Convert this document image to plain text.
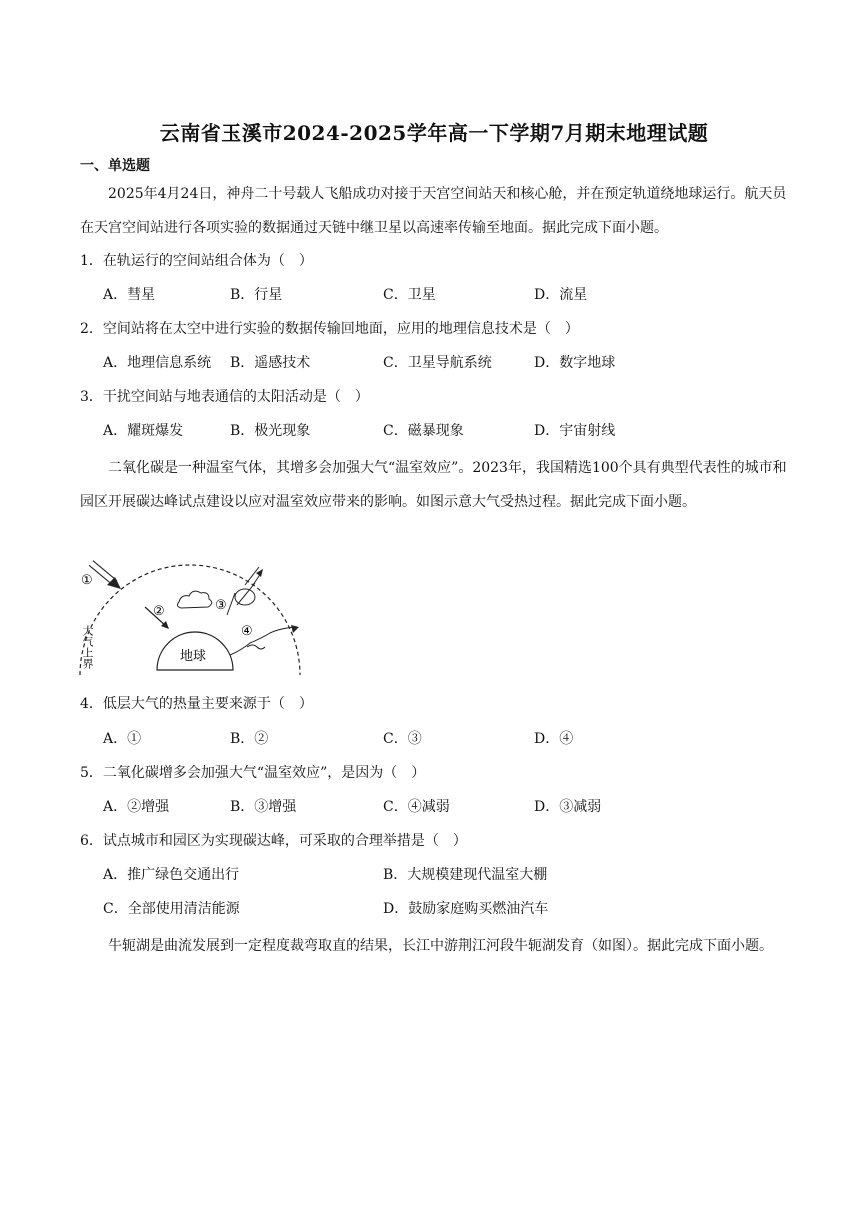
云南省玉溪市2024-2025学年高一下学期7月期末地理试题
一、单选题
2025年4月24日，神舟二十号载人飞船成功对接于天宫空间站天和核心舱，并在预定轨道绕地球运行。航天员在天宫空间站进行各项实验的数据通过天链中继卫星以高速率传输至地面。据此完成下面小题。
1．在轨运行的空间站组合体为（　）
A．彗星	B．行星	C．卫星	D．流星
2．空间站将在太空中进行实验的数据传输回地面，应用的地理信息技术是（　）
A．地理信息系统 B．遥感技术	C．卫星导航系统	D．数字地球
3．干扰空间站与地表通信的太阳活动是（　）
A．耀斑爆发	B．极光现象	C．磁暴现象	D．宇宙射线
二氧化碳是一种温室气体，其增多会加强大气“温室效应”。2023年，我国精选100个具有典型代表性的城市和园区开展碳达峰试点建设以应对温室效应带来的影响。如图示意大气受热过程。据此完成下面小题。
地球
大气上界
①
②	③
④
4．低层大气的热量主要来源于（　）
A．①	B．②	C．③	D．④
5．二氧化碳增多会加强大气“温室效应”，是因为（　）
A．②增强	B．③增强	C．④减弱	D．③减弱
6．试点城市和园区为实现碳达峰，可采取的合理举措是（　）
A．推广绿色交通出行	B．大规模建现代温室大棚
C．全部使用清洁能源	D．鼓励家庭购买燃油汽车
牛轭湖是曲流发展到一定程度裁弯取直的结果，长江中游荆江河段牛轭湖发育（如图）。据此完成下面小题。
